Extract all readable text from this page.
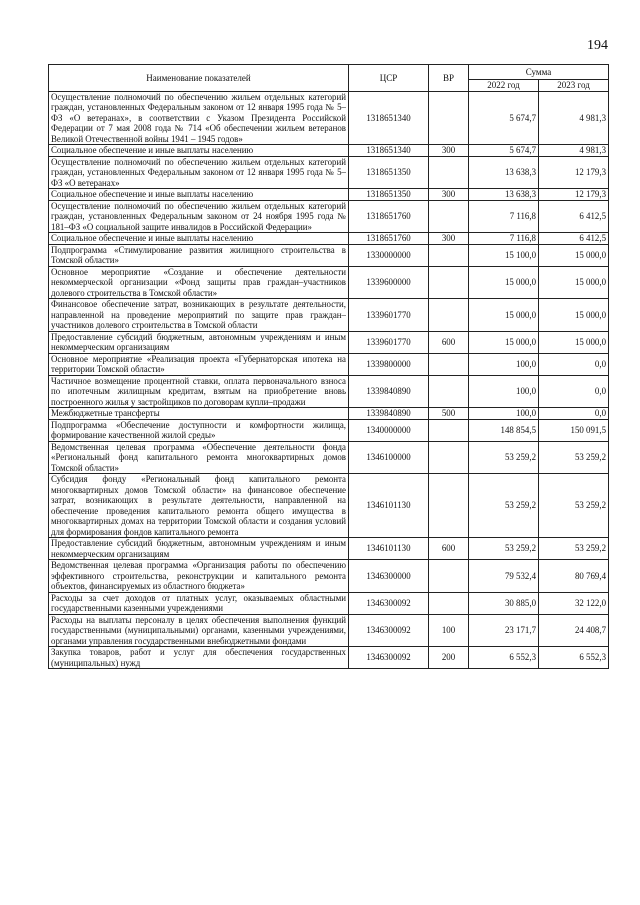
194
Наименование показателей	ЦСР	ВР	Сумма	
			2022 год	2023 год
Осуществление полномочий по обеспечению жильем отдельных категорий граждан, установленных Федеральным законом от 12 января 1995 года № 5–ФЗ «О ветеранах», в соответствии с Указом Президента Российской Федерации от 7 мая 2008 года № 714 «Об обеспечении жильем ветеранов Великой Отечественной войны 1941 – 1945 годов»	1318651340		5 674,7	4 981,3
Социальное обеспечение и иные выплаты населению	1318651340	300	5 674,7	4 981,3
Осуществление полномочий по обеспечению жильем отдельных категорий граждан, установленных Федеральным законом от 12 января 1995 года № 5–ФЗ «О ветеранах»	1318651350		13 638,3	12 179,3
Социальное обеспечение и иные выплаты населению	1318651350	300	13 638,3	12 179,3
Осуществление полномочий по обеспечению жильем отдельных категорий граждан, установленных Федеральным законом от 24 ноября 1995 года № 181–ФЗ «О социальной защите инвалидов в Российской Федерации»	1318651760		7 116,8	6 412,5
Социальное обеспечение и иные выплаты населению	1318651760	300	7 116,8	6 412,5
Подпрограмма «Стимулирование развития жилищного строительства в Томской области»	1330000000		15 100,0	15 000,0
Основное мероприятие «Создание и обеспечение деятельности некоммерческой организации «Фонд защиты прав граждан–участников долевого строительства в Томской области»	1339600000		15 000,0	15 000,0
Финансовое обеспечение затрат, возникающих в результате деятельности, направленной на проведение мероприятий по защите прав граждан–участников долевого строительства в Томской области	1339601770		15 000,0	15 000,0
Предоставление субсидий бюджетным, автономным учреждениям и иным некоммерческим организациям	1339601770	600	15 000,0	15 000,0
Основное мероприятие «Реализация проекта «Губернаторская ипотека на территории Томской области»	1339800000		100,0	0,0
Частичное возмещение процентной ставки, оплата первоначального взноса по ипотечным жилищным кредитам, взятым на приобретение вновь построенного жилья у застройщиков по договорам купли–продажи	1339840890		100,0	0,0
Межбюджетные трансферты	1339840890	500	100,0	0,0
Подпрограмма «Обеспечение доступности и комфортности жилища, формирование качественной жилой среды»	1340000000		148 854,5	150 091,5
Ведомственная целевая программа «Обеспечение деятельности фонда «Региональный фонд капитального ремонта многоквартирных домов Томской области»	1346100000		53 259,2	53 259,2
Субсидия фонду «Региональный фонд капитального ремонта многоквартирных домов Томской области» на финансовое обеспечение затрат, возникающих в результате деятельности, направленной на обеспечение проведения капитального ремонта общего имущества в многоквартирных домах на территории Томской области и создания условий для формирования фондов капитального ремонта	1346101130		53 259,2	53 259,2
Предоставление субсидий бюджетным, автономным учреждениям и иным некоммерческим организациям	1346101130	600	53 259,2	53 259,2
Ведомственная целевая программа «Организация работы по обеспечению эффективного строительства, реконструкции и капитального ремонта объектов, финансируемых из областного бюджета»	1346300000		79 532,4	80 769,4
Расходы за счет доходов от платных услуг, оказываемых областными государственными казенными учреждениями	1346300092		30 885,0	32 122,0
Расходы на выплаты персоналу в целях обеспечения выполнения функций государственными (муниципальными) органами, казенными учреждениями, органами управления государственными внебюджетными фондами	1346300092	100	23 171,7	24 408,7
Закупка товаров, работ и услуг для обеспечения государственных (муниципальных) нужд	1346300092	200	6 552,3	6 552,3
